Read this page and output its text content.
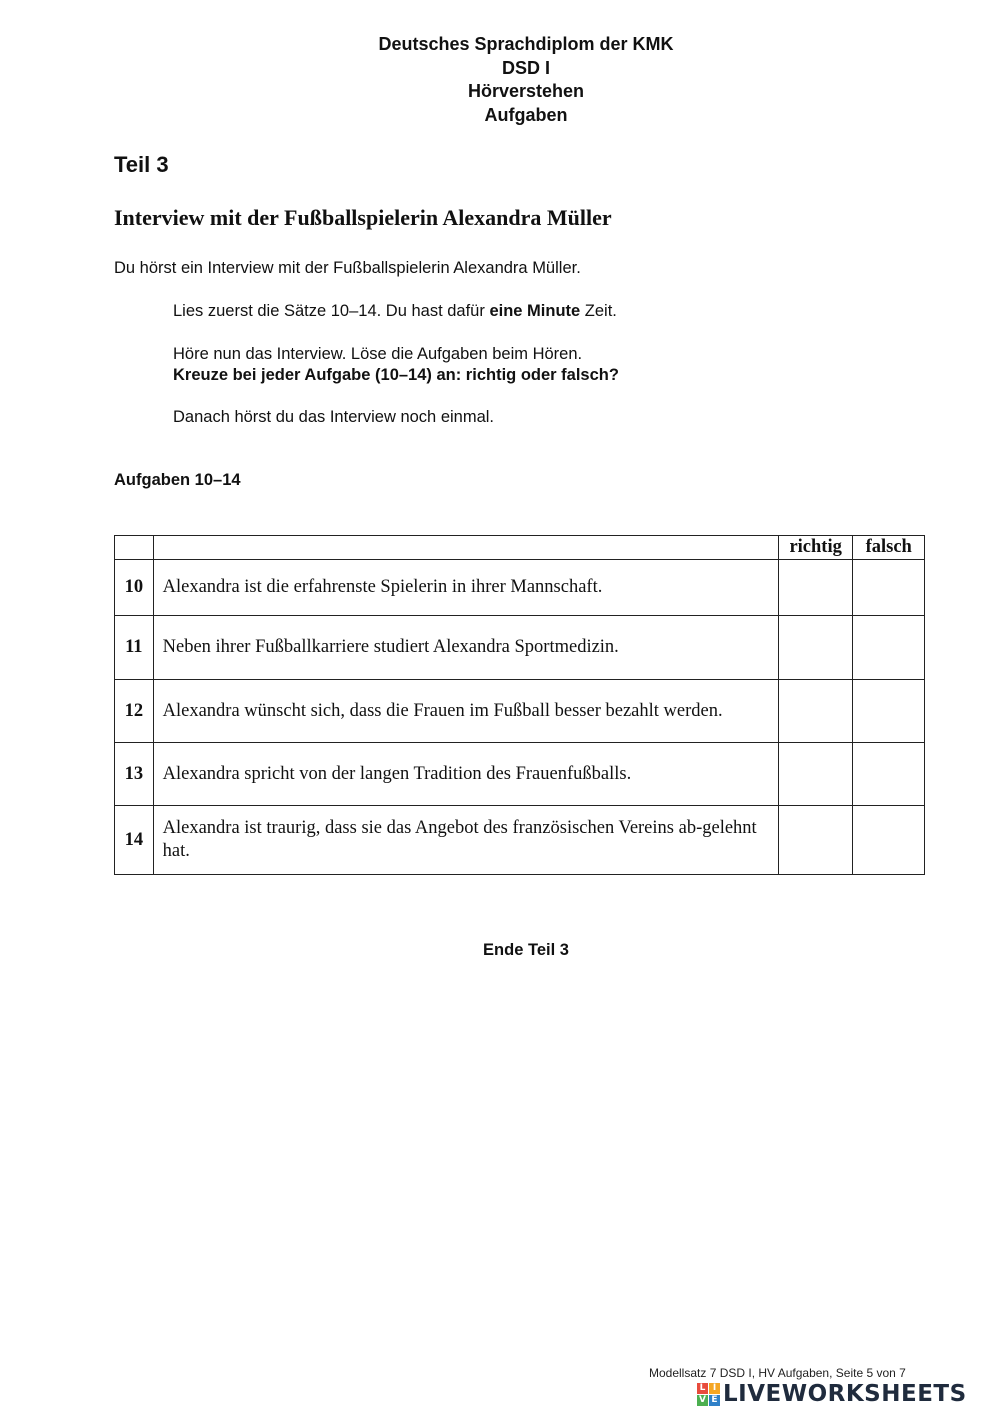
Deutsches Sprachdiplom der KMK
DSD I
Hörverstehen
Aufgaben
Teil 3
Interview mit der Fußballspielerin Alexandra Müller
Du hörst ein Interview mit der Fußballspielerin Alexandra Müller.
Lies zuerst die Sätze 10–14. Du hast dafür eine Minute Zeit.
Höre nun das Interview. Löse die Aufgaben beim Hören.
Kreuze bei jeder Aufgabe (10–14) an: richtig oder falsch?
Danach hörst du das Interview noch einmal.
Aufgaben 10–14
		richtig	falsch
10	Alexandra ist die erfahrenste Spielerin in ihrer Mannschaft.		
11	Neben ihrer Fußballkarriere studiert Alexandra Sportmedizin.		
12	Alexandra wünscht sich, dass die Frauen im Fußball besser bezahlt werden.		
13	Alexandra spricht von der langen Tradition des Frauenfußballs.		
14	Alexandra ist traurig, dass sie das Angebot des französischen Vereins ab-gelehnt hat.		
Ende Teil 3
Modellsatz 7 DSD I, HV Aufgaben, Seite 5 von 7
L I
V E LIVEWORKSHEETS
